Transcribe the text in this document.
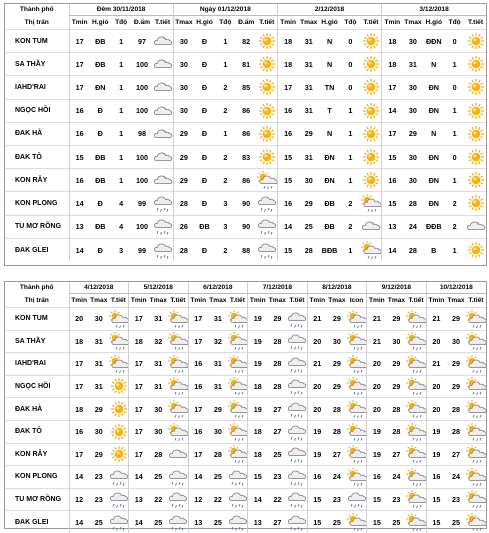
Thành phố	Đêm 30/11/2018					Ngày 01/12/2018					2/12/2018					3/12/2018				
Thị trấn	Tmin	H.gió	Tđộ	Đ.ẩm	T.tiết	Tmax	H.gió	Tđộ	Đ.ẩm	T.tiết	Tmin	Tmax	H.gió	Tđộ	T.tiết	Tmin	Tmax	H.gió	Tđộ	T.tiết
KON TUM	17	ĐB	1	97		30	Đ	1	82		18	31	N	0		18	30	ĐĐN	0	

SA THẦY	17	ĐB	1	100		30	Đ	1	81		18	31	N	0		18	31	N	1	

IAHD'RAI	17	ĐN	1	100		30	Đ	2	85		17	31	TN	0		17	30	ĐN	0	

NGỌC HỒI	16	Đ	1	100		30	Đ	2	86		16	31	T	1		14	30	ĐN	1	

ĐAK HÀ	16	Đ	1	98		29	Đ	1	86		16	29	N	1		17	29	N	1	

ĐAK TÔ	15	ĐB	1	100		29	Đ	2	83		15	31	ĐN	1		15	30	ĐN	0	

KON RẪY	16	ĐB	1	100		29	Đ	2	86		15	30	ĐN	1		16	30	ĐN	1	

KON PLONG	14	Đ	4	99		28	Đ	3	90		16	29	ĐB	2		15	28	ĐN	2	

TU MƠ RỒNG	13	ĐB	4	100		26	ĐB	3	90		14	25	ĐB	2		13	24	ĐĐB	2	

ĐAK GLEI	14	Đ	3	99		28	Đ	2	88		15	28	BĐB	1		14	28	B	1	
Thành phố	4/12/2018			5/12/2018			6/12/2018			7/12/2018			8/12/2018			9/12/2018			10/12/2018		
Thị trấn	Tmin	Tmax	T.tiết	Tmin	Tmax	T.tiết	Tmin	Tmax	T.tiết	Tmin	Tmax	T.tiết	Tmin	Tmax	Icon	Tmin	Tmax	T.tiết	Tmin	Tmax	T.tiết
KON TUM	20	30		17	31		17	31		19	29		21	29		21	29		21	29	

SA THẦY	18	31		18	32		17	32		19	28		20	30		21	30		20	30	

IAHD'RAI	17	31		17	31		16	31		19	28		21	29		20	29		21	29	

NGỌC HỒI	17	31		17	31		16	31		18	28		20	29		20	29		20	29	

ĐAK HÀ	18	29		17	30		17	29		19	27		20	28		20	28		20	28	

ĐAK TÔ	16	30		17	30		16	30		18	27		19	28		19	28		19	28	

KON RẪY	17	29		17	28		17	28		18	25		19	27		19	27		19	27	

KON PLONG	14	23		14	25		14	25		15	23		16	24		16	24		16	24	

TU MƠ RỒNG	12	23		13	22		12	22		14	22		15	23		15	23		15	23	

ĐAK GLEI	14	25		14	25		13	25		13	27		15	25		15	25		15	25	
